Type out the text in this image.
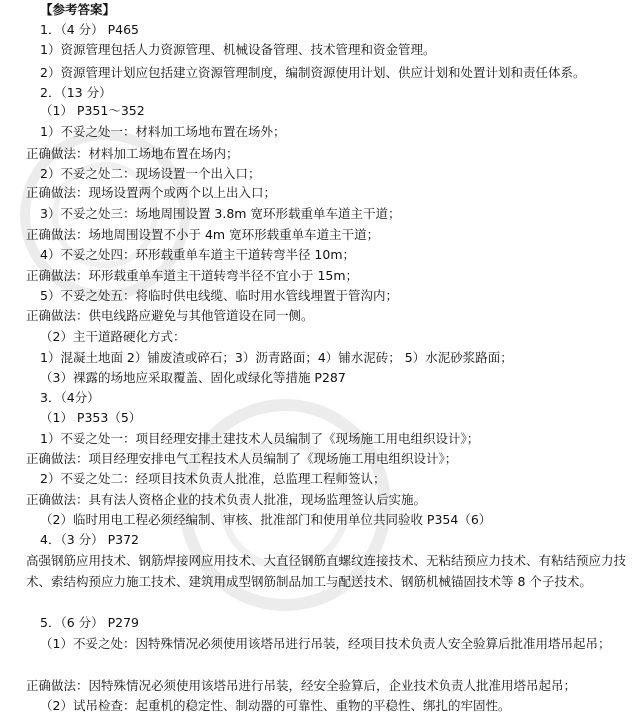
【参考答案】
1．（4 分） P465
1）资源管理包括人力资源管理、机械设备管理、技术管理和资金管理。
2）资源管理计划应包括建立资源管理制度，编制资源使用计划、供应计划和处置计划和责任体系。
2．（13 分）
（1） P351～352
1）不妥之处一：材料加工场地布置在场外；
正确做法：材料加工场地布置在场内；
2）不妥之处二：现场设置一个出入口；
正确做法：现场设置两个或两个以上出入口；
3）不妥之处三：场地周围设置 3.8m 宽环形载重单车道主干道；
正确做法：场地周围设置不小于 4m 宽环形载重单车道主干道；
4）不妥之处四：环形载重单车道主干道转弯半径 10m；
正确做法：环形载重单车道主干道转弯半径不宜小于 15m；
5）不妥之处五：将临时供电线缆、临时用水管线埋置于管沟内；
正确做法：供电线路应避免与其他管道设在同一侧。
（2）主干道路硬化方式：
1）混凝土地面 2）铺废渣或碎石；3）沥青路面；4）铺水泥砖； 5）水泥砂浆路面；
（3）裸露的场地应采取覆盖、固化或绿化等措施 P287
3．（4分）
（1） P353（5）
1）不妥之处一：项目经理安排土建技术人员编制了《现场施工用电组织设计》；
正确做法：项目经理安排电气工程技术人员编制了《现场施工用电组织设计》；
2）不妥之处二：经项目技术负责人批准，总监理工程师签认；
正确做法：具有法人资格企业的技术负责人批准，现场监理签认后实施。
（2）临时用电工程必须经编制、审核、批准部门和使用单位共同验收 P354（6）
4．（3 分） P372
高强钢筋应用技术、钢筋焊接网应用技术、大直径钢筋直螺纹连接技术、无粘结预应力技术、有粘结预应力技术、索结构预应力施工技术、建筑用成型钢筋制品加工与配送技术、钢筋机械锚固技术等 8 个子技术。
5．（6 分） P279
（1）不妥之处：因特殊情况必须使用该塔吊进行吊装，经项目技术负责人安全验算后批准用塔吊起吊；
正确做法：因特殊情况必须使用该塔吊进行吊装，经安全验算后，企业技术负责人批准用塔吊起吊；
（2）试吊检查：起重机的稳定性、制动器的可靠性、重物的平稳性、绑扎的牢固性。
